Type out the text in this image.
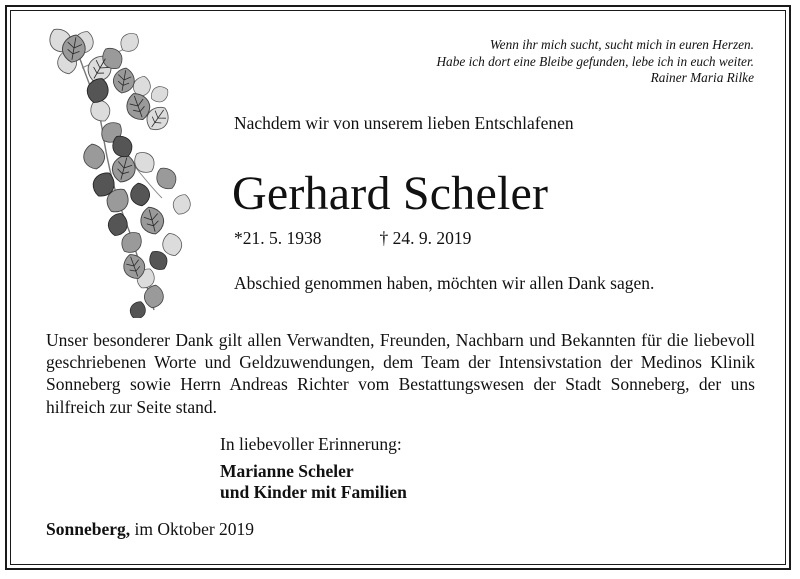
Wenn ihr mich sucht, sucht mich in euren Herzen.
Habe ich dort eine Bleibe gefunden, lebe ich in euch weiter.
Rainer Maria Rilke
Nachdem wir von unserem lieben Entschlafenen
Gerhard Scheler
*21. 5. 1938	† 24. 9. 2019
Abschied genommen haben, möchten wir allen Dank sagen.

Unser besonderer Dank gilt allen Verwandten, Freunden, Nachbarn und Bekannten für die liebevoll geschriebenen Worte und Geldzuwendungen, dem Team der Intensivstation der Medinos Klinik Sonneberg sowie Herrn Andreas Richter vom Bestattungswesen der Stadt Sonneberg, der uns hilfreich zur Seite stand.

In liebevoller Erinnerung:
Marianne Scheler
und Kinder mit Familien
Sonneberg, im Oktober 2019
